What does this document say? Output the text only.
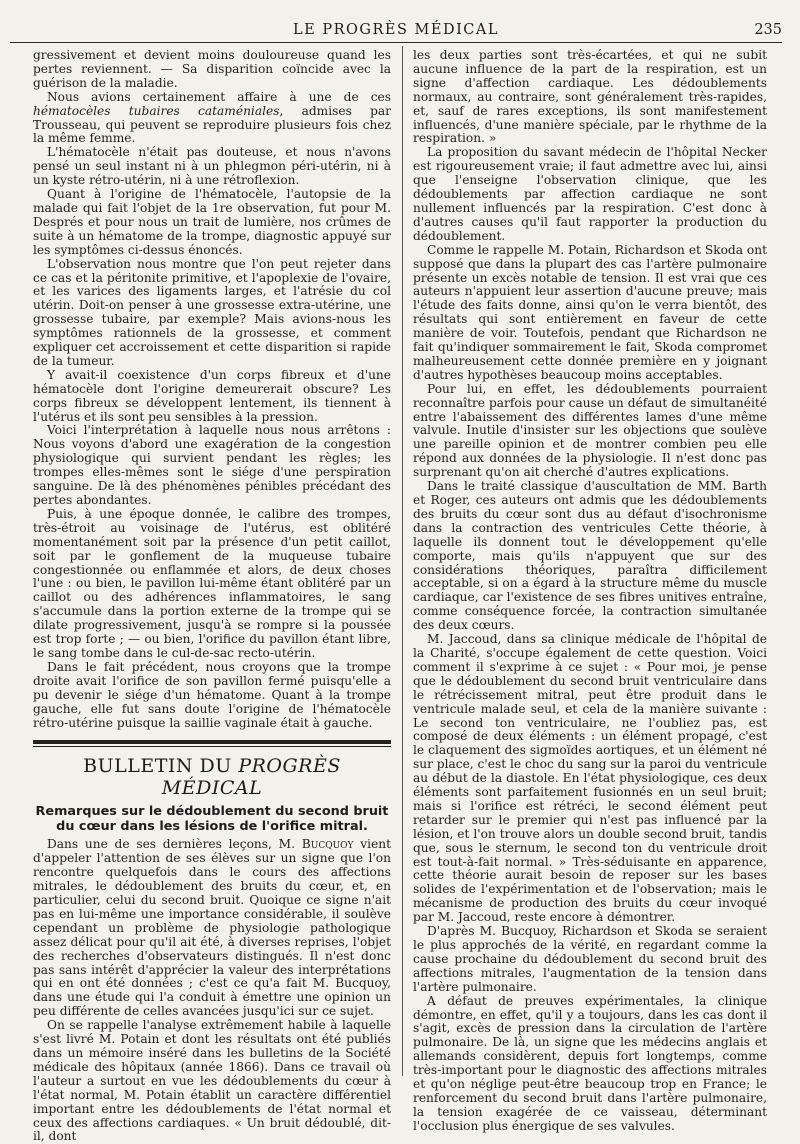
LE PROGRÈS MÉDICAL	235

gressivement et devient moins douloureuse quand les pertes reviennent. — Sa disparition coïncide avec la guérison de la maladie.

Nous avions certainement affaire à une de ces hématocèles tubaires cataméniales, admises par Trousseau, qui peuvent se reproduire plusieurs fois chez la même femme.

L'hématocèle n'était pas douteuse, et nous n'avons pensé un seul instant ni à un phlegmon péri-utérin, ni à un kyste rétro-utérin, ni à une rétroflexion.

Quant à l'origine de l'hématocèle, l'autopsie de la malade qui fait l'objet de la 1re observation, fut pour M. Després et pour nous un trait de lumière, nos crûmes de suite à un hématome de la trompe, diagnostic appuyé sur les symptômes ci-dessus énoncés.

L'observation nous montre que l'on peut rejeter dans ce cas et la péritonite primitive, et l'apoplexie de l'ovaire, et les varices des ligaments larges, et l'atrésie du col utérin. Doit-on penser à une grossesse extra-utérine, une grossesse tubaire, par exemple? Mais avions-nous les symptômes rationnels de la grossesse, et comment expliquer cet accroissement et cette disparition si rapide de la tumeur.

Y avait-il coexistence d'un corps fibreux et d'une hématocèle dont l'origine demeurerait obscure? Les corps fibreux se développent lentement, ils tiennent à l'utérus et ils sont peu sensibles à la pression.

Voici l'interprétation à laquelle nous nous arrêtons : Nous voyons d'abord une exagération de la congestion physiologique qui survient pendant les règles; les trompes elles-mêmes sont le siége d'une perspiration sanguine. De là des phénomènes pénibles précédant des pertes abondantes.

Puis, à une époque donnée, le calibre des trompes, très-étroit au voisinage de l'utérus, est oblitéré momentanément soit par la présence d'un petit caillot, soit par le gonflement de la muqueuse tubaire congestionnée ou enflammée et alors, de deux choses l'une : ou bien, le pavillon lui-même étant oblitéré par un caillot ou des adhérences inflammatoires, le sang s'accumule dans la portion externe de la trompe qui se dilate progressivement, jusqu'à se rompre si la poussée est trop forte ; — ou bien, l'orifice du pavillon étant libre, le sang tombe dans le cul-de-sac recto-utérin.

Dans le fait précédent, nous croyons que la trompe droite avait l'orifice de son pavillon fermé puisqu'elle a pu devenir le siége d'un hématome. Quant à la trompe gauche, elle fut sans doute l'origine de l'hématocèle rétro-utérine puisque la saillie vaginale était à gauche.

BULLETIN DU PROGRÈS MÉDICAL
Remarques sur le dédoublement du second bruit du cœur dans les lésions de l'orifice mitral.

Dans une de ses dernières leçons, M. Bucquoy vient d'appeler l'attention de ses élèves sur un signe que l'on rencontre quelquefois dans le cours des affections mitrales, le dédoublement des bruits du cœur, et, en particulier, celui du second bruit. Quoique ce signe n'ait pas en lui-même une importance considérable, il soulève cependant un problème de physiologie pathologique assez délicat pour qu'il ait été, à diverses reprises, l'objet des recherches d'observateurs distingués. Il n'est donc pas sans intérêt d'apprécier la valeur des interprétations qui en ont été données ; c'est ce qu'a fait M. Bucquoy, dans une étude qui l'a conduit à émettre une opinion un peu différente de celles avancées jusqu'ici sur ce sujet.

On se rappelle l'analyse extrêmement habile à laquelle s'est livré M. Potain et dont les résultats ont été publiés dans un mémoire inséré dans les bulletins de la Société médicale des hôpitaux (année 1866). Dans ce travail où l'auteur a surtout en vue les dédoublements du cœur à l'état normal, M. Potain établit un caractère différentiel important entre les dédoublements de l'état normal et ceux des affections cardiaques. « Un bruit dédoublé, dit-il, dont

les deux parties sont très-écartées, et qui ne subit aucune influence de la part de la respiration, est un signe d'affection cardiaque. Les dédoublements normaux, au contraire, sont généralement très-rapides, et, sauf de rares exceptions, ils sont manifestement influencés, d'une manière spéciale, par le rhythme de la respiration. »

La proposition du savant médecin de l'hôpital Necker est rigoureusement vraie; il faut admettre avec lui, ainsi que l'enseigne l'observation clinique, que les dédoublements par affection cardiaque ne sont nullement influencés par la respiration. C'est donc à d'autres causes qu'il faut rapporter la production du dédoublement.

Comme le rappelle M. Potain, Richardson et Skoda ont supposé que dans la plupart des cas l'artère pulmonaire présente un excès notable de tension. Il est vrai que ces auteurs n'appuient leur assertion d'aucune preuve; mais l'étude des faits donne, ainsi qu'on le verra bientôt, des résultats qui sont entièrement en faveur de cette manière de voir. Toutefois, pendant que Richardson ne fait qu'indiquer sommairement le fait, Skoda compromet malheureusement cette donnée première en y joignant d'autres hypothèses beaucoup moins acceptables.

Pour lui, en effet, les dédoublements pourraient reconnaître parfois pour cause un défaut de simultanéité entre l'abaissement des différentes lames d'une même valvule. Inutile d'insister sur les objections que soulève une pareille opinion et de montrer combien peu elle répond aux données de la physiologie. Il n'est donc pas surprenant qu'on ait cherché d'autres explications.

Dans le traité classique d'auscultation de MM. Barth et Roger, ces auteurs ont admis que les dédoublements des bruits du cœur sont dus au défaut d'isochronisme dans la contraction des ventricules Cette théorie, à laquelle ils donnent tout le développement qu'elle comporte, mais qu'ils n'appuyent que sur des considérations théoriques, paraîtra difficilement acceptable, si on a égard à la structure même du muscle cardiaque, car l'existence de ses fibres unitives entraîne, comme conséquence forcée, la contraction simultanée des deux cœurs.

M. Jaccoud, dans sa clinique médicale de l'hôpital de la Charité, s'occupe également de cette question. Voici comment il s'exprime à ce sujet : « Pour moi, je pense que le dédoublement du second bruit ventriculaire dans le rétrécissement mitral, peut être produit dans le ventricule malade seul, et cela de la manière suivante : Le second ton ventriculaire, ne l'oubliez pas, est composé de deux éléments : un élément propagé, c'est le claquement des sigmoïdes aortiques, et un élément né sur place, c'est le choc du sang sur la paroi du ventricule au début de la diastole. En l'état physiologique, ces deux éléments sont parfaitement fusionnés en un seul bruit; mais si l'orifice est rétréci, le second élément peut retarder sur le premier qui n'est pas influencé par la lésion, et l'on trouve alors un double second bruit, tandis que, sous le sternum, le second ton du ventricule droit est tout-à-fait normal. » Très-séduisante en apparence, cette théorie aurait besoin de reposer sur les bases solides de l'expérimentation et de l'observation; mais le mécanisme de production des bruits du cœur invoqué par M. Jaccoud, reste encore à démontrer.

D'après M. Bucquoy, Richardson et Skoda se seraient le plus approchés de la vérité, en regardant comme la cause prochaine du dédoublement du second bruit des affections mitrales, l'augmentation de la tension dans l'artère pulmonaire.

A défaut de preuves expérimentales, la clinique démontre, en effet, qu'il y a toujours, dans les cas dont il s'agit, excès de pression dans la circulation de l'artère pulmonaire. De là, un signe que les médecins anglais et allemands considèrent, depuis fort longtemps, comme très-important pour le diagnostic des affections mitrales et qu'on néglige peut-être beaucoup trop en France; le renforcement du second bruit dans l'artère pulmonaire, la tension exagérée de ce vaisseau, déterminant l'occlusion plus énergique de ses valvules.
